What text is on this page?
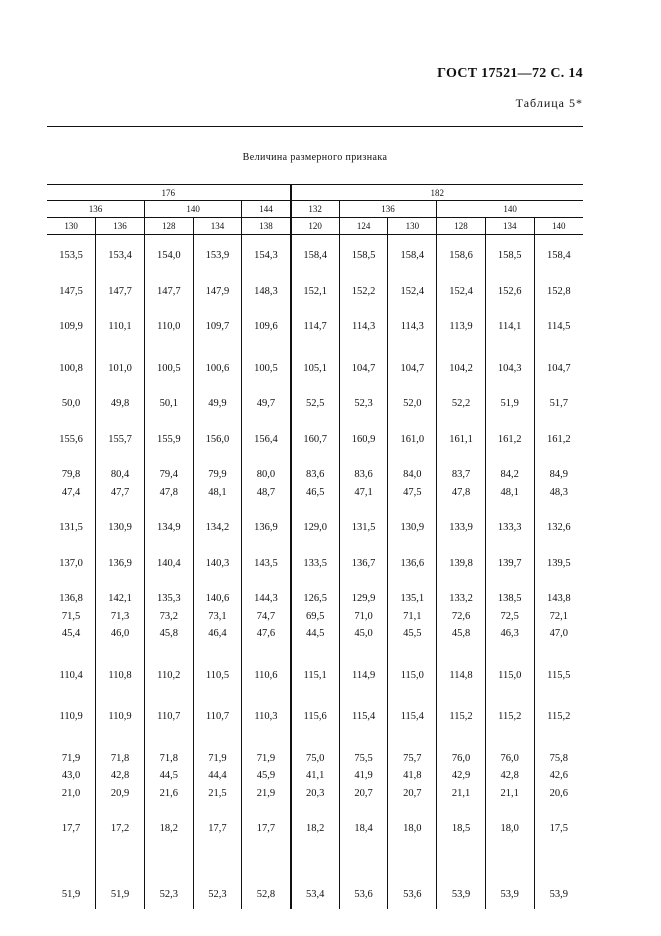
ГОСТ 17521—72 С. 14
Таблица 5*
Величина размерного признака
176					182					
136		140		144	132	136		140		
130	136	128	134	138	120	124	130	128	134	140

153,5	153,4	154,0	153,9	154,3	158,4	158,5	158,4	158,6	158,5	158,4

147,5	147,7	147,7	147,9	148,3	152,1	152,2	152,4	152,4	152,6	152,8

109,9	110,1	110,0	109,7	109,6	114,7	114,3	114,3	113,9	114,1	114,5

100,8	101,0	100,5	100,6	100,5	105,1	104,7	104,7	104,2	104,3	104,7

50,0	49,8	50,1	49,9	49,7	52,5	52,3	52,0	52,2	51,9	51,7

155,6	155,7	155,9	156,0	156,4	160,7	160,9	161,0	161,1	161,2	161,2

79,8	80,4	79,4	79,9	80,0	83,6	83,6	84,0	83,7	84,2	84,9
47,4	47,7	47,8	48,1	48,7	46,5	47,1	47,5	47,8	48,1	48,3

131,5	130,9	134,9	134,2	136,9	129,0	131,5	130,9	133,9	133,3	132,6

137,0	136,9	140,4	140,3	143,5	133,5	136,7	136,6	139,8	139,7	139,5

136,8	142,1	135,3	140,6	144,3	126,5	129,9	135,1	133,2	138,5	143,8
71,5	71,3	73,2	73,1	74,7	69,5	71,0	71,1	72,6	72,5	72,1
45,4	46,0	45,8	46,4	47,6	44,5	45,0	45,5	45,8	46,3	47,0

110,4	110,8	110,2	110,5	110,6	115,1	114,9	115,0	114,8	115,0	115,5

110,9	110,9	110,7	110,7	110,3	115,6	115,4	115,4	115,2	115,2	115,2

71,9	71,8	71,8	71,9	71,9	75,0	75,5	75,7	76,0	76,0	75,8
43,0	42,8	44,5	44,4	45,9	41,1	41,9	41,8	42,9	42,8	42,6
21,0	20,9	21,6	21,5	21,9	20,3	20,7	20,7	21,1	21,1	20,6

17,7	17,2	18,2	17,7	17,7	18,2	18,4	18,0	18,5	18,0	17,5

51,9	51,9	52,3	52,3	52,8	53,4	53,6	53,6	53,9	53,9	53,9
